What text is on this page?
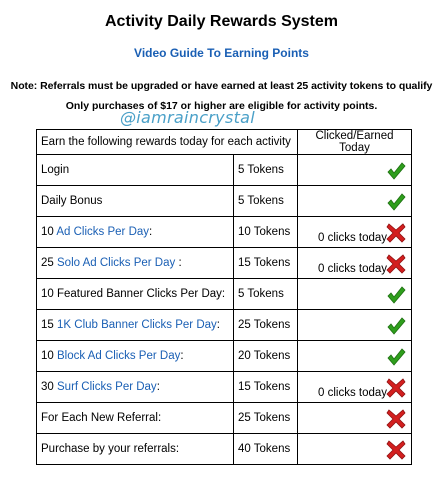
Activity Daily Rewards System
Video Guide To Earning Points
Note: Referrals must be upgraded or have earned at least 25 activity tokens to qualify
Only purchases of $17 or higher are eligible for activity points.
@iamraincrystal
Earn the following rewards today for each activity		Clicked/Earned Today
Login	5 Tokens	

Daily Bonus	5 Tokens	

10 Ad Clicks Per Day:	10 Tokens	0 clicks today

25 Solo Ad Clicks Per Day :	15 Tokens	0 clicks today

10 Featured Banner Clicks Per Day:	5 Tokens	

15 1K Club Banner Clicks Per Day:	25 Tokens	

10 Block Ad Clicks Per Day:	20 Tokens	

30 Surf Clicks Per Day:	15 Tokens	0 clicks today

For Each New Referral:	25 Tokens	

Purchase by your referrals:	40 Tokens	
